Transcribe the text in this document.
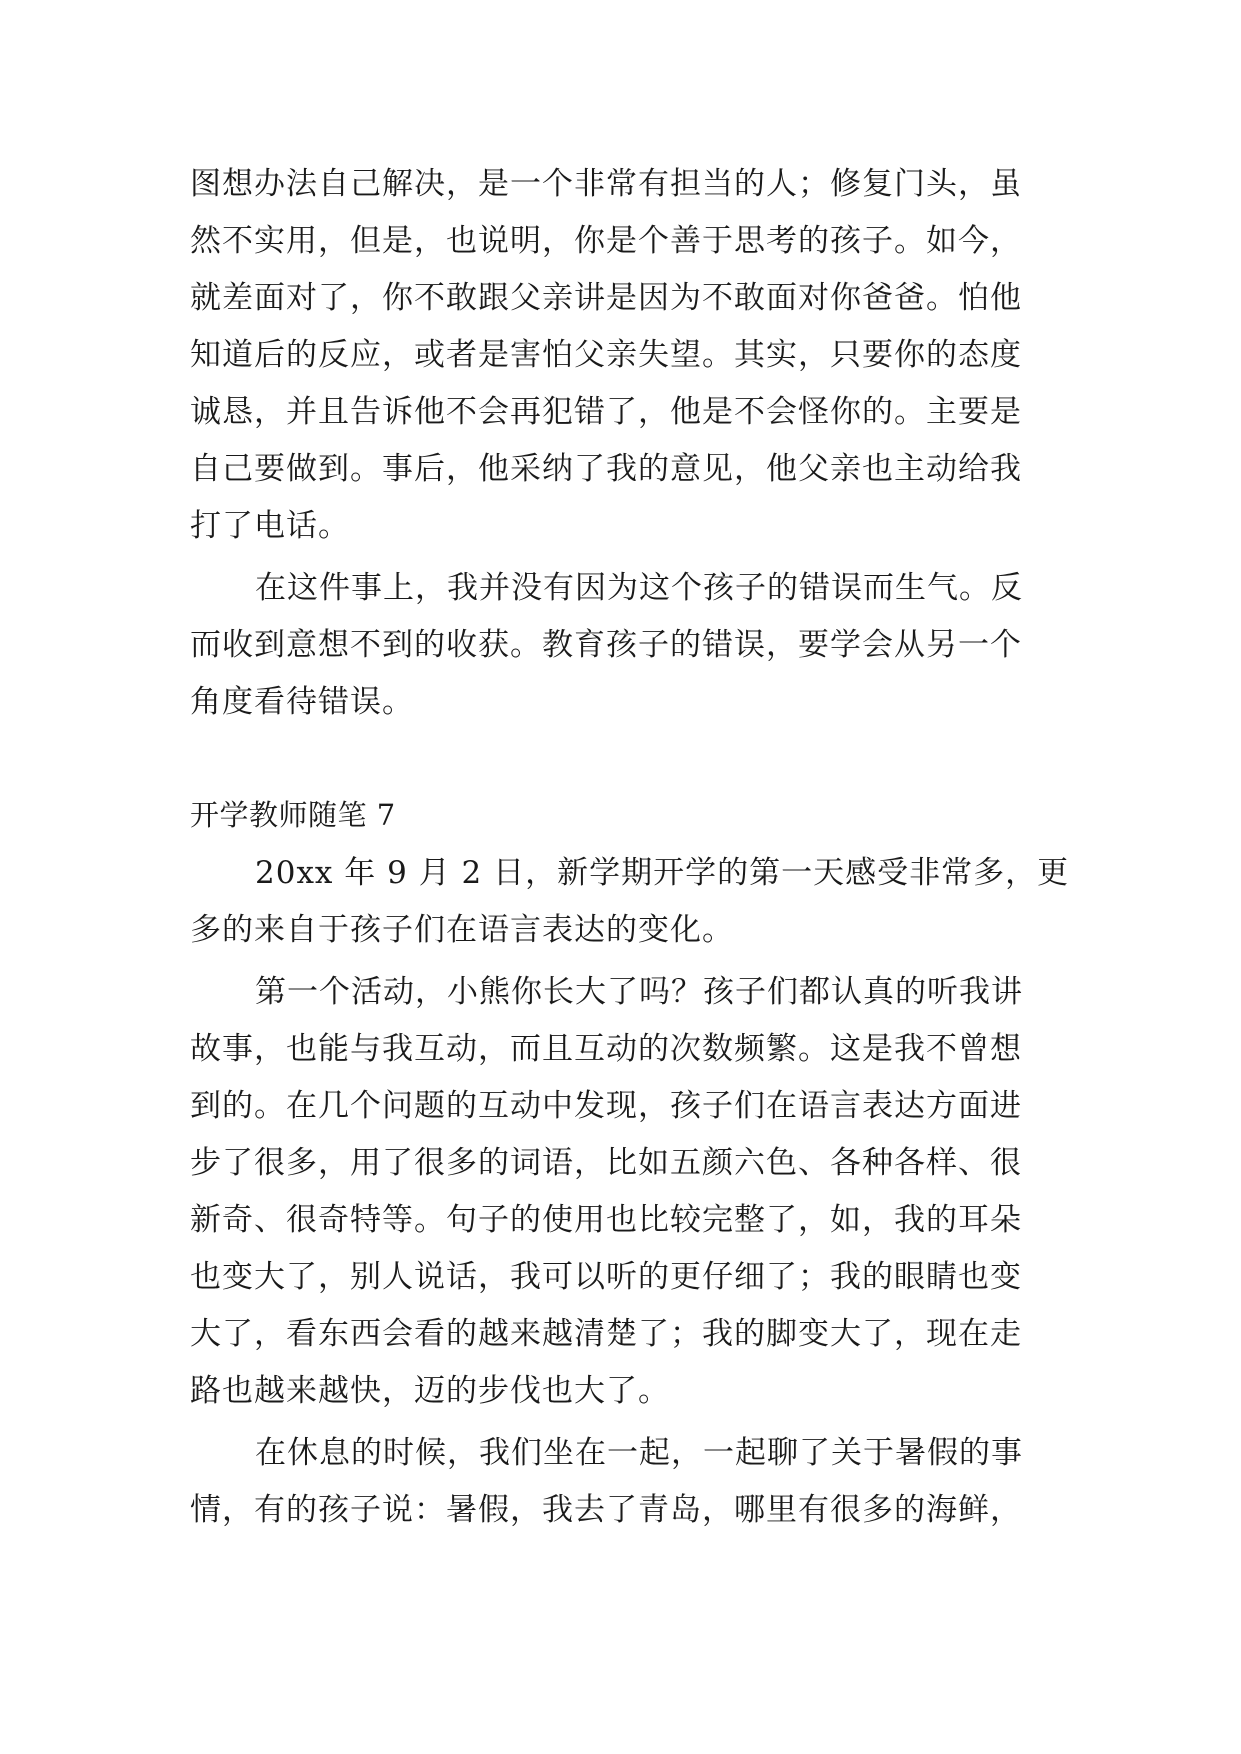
图想办法自己解决，是一个非常有担当的人；修复门头，虽
然不实用，但是，也说明，你是个善于思考的孩子。如今，
就差面对了，你不敢跟父亲讲是因为不敢面对你爸爸。怕他
知道后的反应，或者是害怕父亲失望。其实，只要你的态度
诚恳，并且告诉他不会再犯错了，他是不会怪你的。主要是
自己要做到。事后，他采纳了我的意见，他父亲也主动给我
打了电话。
在这件事上，我并没有因为这个孩子的错误而生气。反
而收到意想不到的收获。教育孩子的错误，要学会从另一个
角度看待错误。
开学教师随笔 7
20xx 年 9 月 2 日，新学期开学的第一天感受非常多，更
多的来自于孩子们在语言表达的变化。
第一个活动，小熊你长大了吗？孩子们都认真的听我讲
故事，也能与我互动，而且互动的次数频繁。这是我不曾想
到的。在几个问题的互动中发现，孩子们在语言表达方面进
步了很多，用了很多的词语，比如五颜六色、各种各样、很
新奇、很奇特等。句子的使用也比较完整了，如，我的耳朵
也变大了，别人说话，我可以听的更仔细了；我的眼睛也变
大了，看东西会看的越来越清楚了；我的脚变大了，现在走
路也越来越快，迈的步伐也大了。
在休息的时候，我们坐在一起，一起聊了关于暑假的事
情，有的孩子说：暑假，我去了青岛，哪里有很多的海鲜，
